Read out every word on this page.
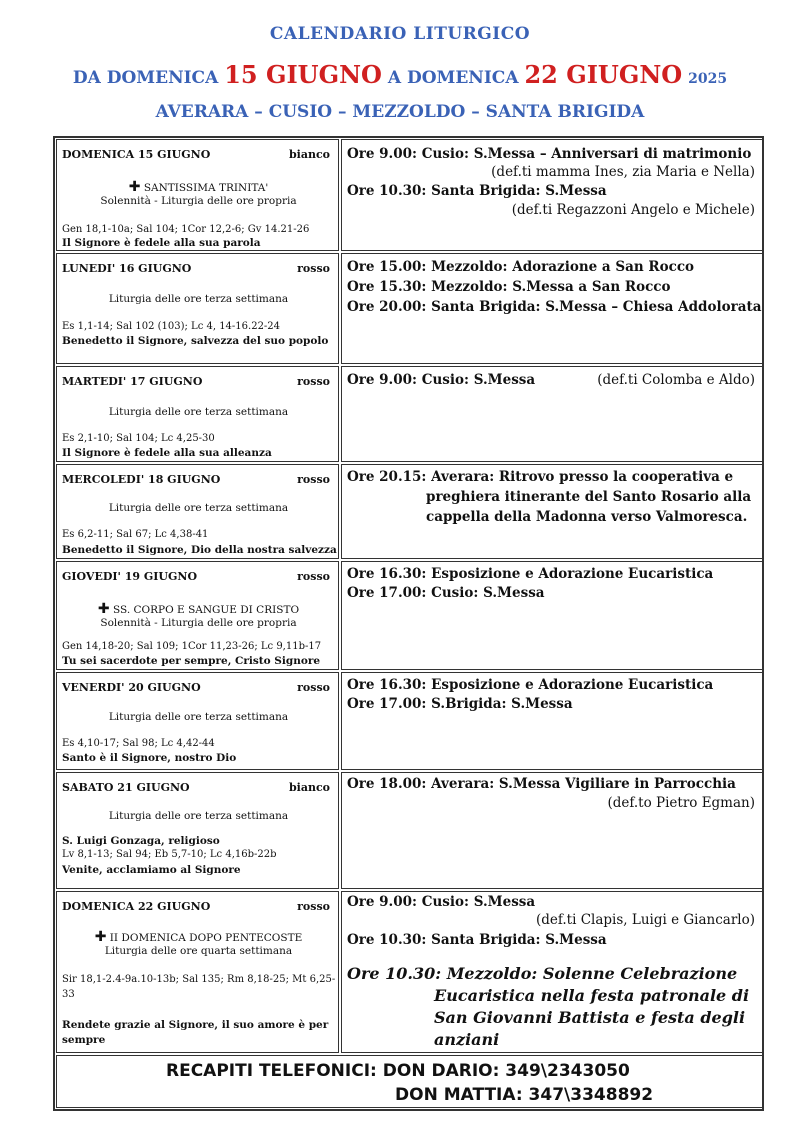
CALENDARIO LITURGICO
DA DOMENICA 15 GIUGNO A DOMENICA 22 GIUGNO 2025
AVERARA – CUSIO – MEZZOLDO – SANTA BRIGIDA
DOMENICA 15 GIUGNO	bianco
✚ SANTISSIMA TRINITA'
Solennità - Liturgia delle ore propria
Gen 18,1-10a; Sal 104; 1Cor 12,2-6; Gv 14.21-26
Il Signore è fedele alla sua parola
Ore 9.00: Cusio: S.Messa – Anniversari di matrimonio
(def.ti mamma Ines, zia Maria e Nella)
Ore 10.30: Santa Brigida: S.Messa
(def.ti Regazzoni Angelo e Michele)
LUNEDI' 16 GIUGNO	rosso
Liturgia delle ore terza settimana
Es 1,1-14; Sal 102 (103); Lc 4, 14-16.22-24
Benedetto il Signore, salvezza del suo popolo
Ore 15.00: Mezzoldo: Adorazione a San Rocco
Ore 15.30: Mezzoldo: S.Messa a San Rocco
Ore 20.00: Santa Brigida: S.Messa – Chiesa Addolorata
MARTEDI' 17 GIUGNO	rosso
Liturgia delle ore terza settimana
Es 2,1-10; Sal 104; Lc 4,25-30
Il Signore è fedele alla sua alleanza
Ore 9.00: Cusio: S.Messa	(def.ti Colomba e Aldo)
MERCOLEDI' 18 GIUGNO	rosso
Liturgia delle ore terza settimana
Es 6,2-11; Sal 67; Lc 4,38-41
Benedetto il Signore, Dio della nostra salvezza
Ore 20.15: Averara: Ritrovo presso la cooperativa e
preghiera itinerante del Santo Rosario alla
cappella della Madonna verso Valmoresca.
GIOVEDI' 19 GIUGNO	rosso
✚ SS. CORPO E SANGUE DI CRISTO
Solennità - Liturgia delle ore propria
Gen 14,18-20; Sal 109; 1Cor 11,23-26; Lc 9,11b-17
Tu sei sacerdote per sempre, Cristo Signore
Ore 16.30: Esposizione e Adorazione Eucaristica
Ore 17.00: Cusio: S.Messa
VENERDI' 20 GIUGNO	rosso
Liturgia delle ore terza settimana
Es 4,10-17; Sal 98; Lc 4,42-44
Santo è il Signore, nostro Dio
Ore 16.30: Esposizione e Adorazione Eucaristica
Ore 17.00: S.Brigida: S.Messa
SABATO 21 GIUGNO	bianco
Liturgia delle ore terza settimana
S. Luigi Gonzaga, religioso
Lv 8,1-13; Sal 94; Eb 5,7-10; Lc 4,16b-22b
Venite, acclamiamo al Signore
Ore 18.00: Averara: S.Messa Vigiliare in Parrocchia
(def.to Pietro Egman)
DOMENICA 22 GIUGNO	rosso
✚ II DOMENICA DOPO PENTECOSTE
Liturgia delle ore quarta settimana
Sir 18,1-2.4-9a.10-13b; Sal 135; Rm 8,18-25; Mt 6,25-
33
Rendete grazie al Signore, il suo amore è per
sempre
Ore 9.00: Cusio: S.Messa
(def.ti Clapis, Luigi e Giancarlo)
Ore 10.30: Santa Brigida: S.Messa
Ore 10.30: Mezzoldo: Solenne Celebrazione
Eucaristica nella festa patronale di
San Giovanni Battista e festa degli
anziani
RECAPITI TELEFONICI: DON DARIO: 349\2343050
DON MATTIA: 347\3348892
